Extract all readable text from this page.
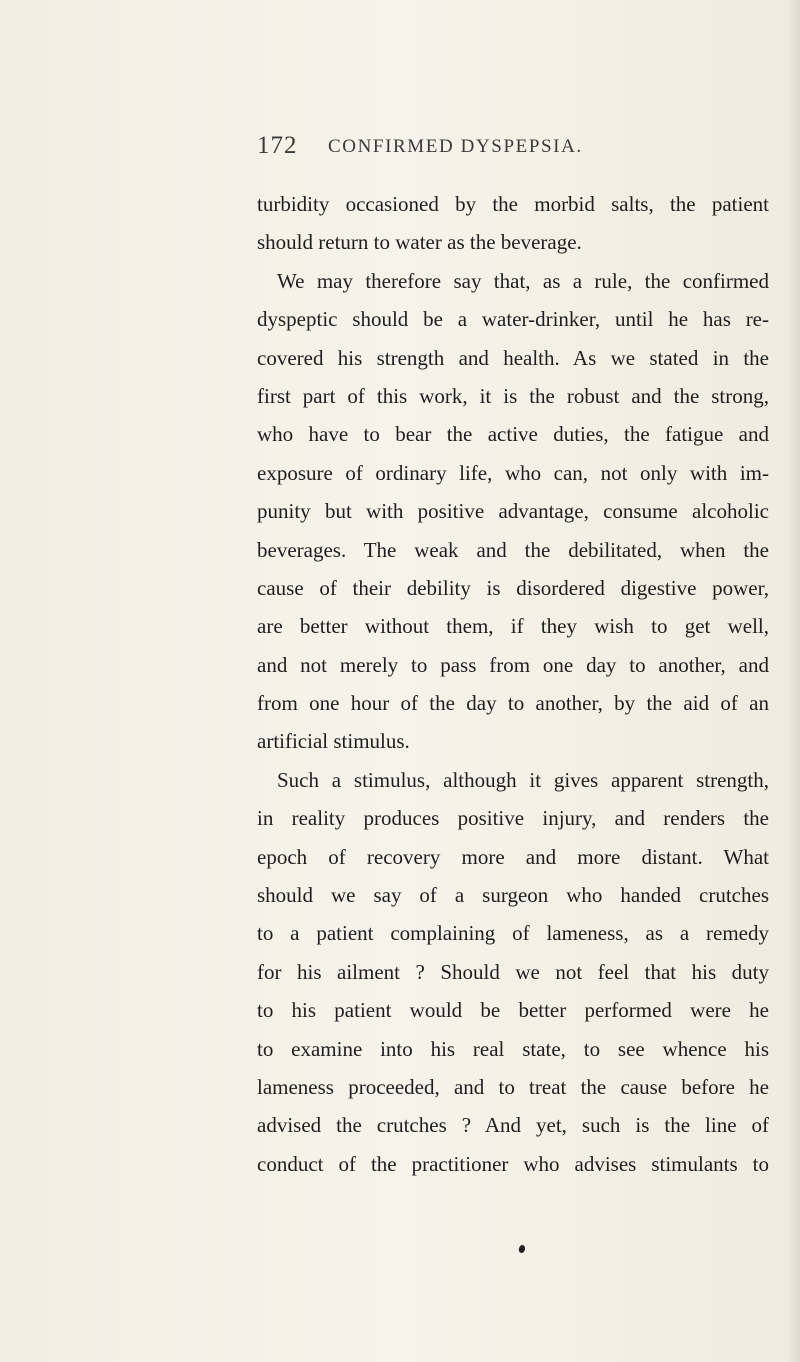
172 CONFIRMED DYSPEPSIA.
turbidity occasioned by the morbid salts, the patient
should return to water as the beverage.
We may therefore say that, as a rule, the confirmed
dyspeptic should be a water-drinker, until he has re-
covered his strength and health. As we stated in the
first part of this work, it is the robust and the strong,
who have to bear the active duties, the fatigue and
exposure of ordinary life, who can, not only with im-
punity but with positive advantage, consume alcoholic
beverages. The weak and the debilitated, when the
cause of their debility is disordered digestive power,
are better without them, if they wish to get well,
and not merely to pass from one day to another, and
from one hour of the day to another, by the aid of an
artificial stimulus.
Such a stimulus, although it gives apparent strength,
in reality produces positive injury, and renders the
epoch of recovery more and more distant. What
should we say of a surgeon who handed crutches
to a patient complaining of lameness, as a remedy
for his ailment ? Should we not feel that his duty
to his patient would be better performed were he
to examine into his real state, to see whence his
lameness proceeded, and to treat the cause before he
advised the crutches ? And yet, such is the line of
conduct of the practitioner who advises stimulants to
